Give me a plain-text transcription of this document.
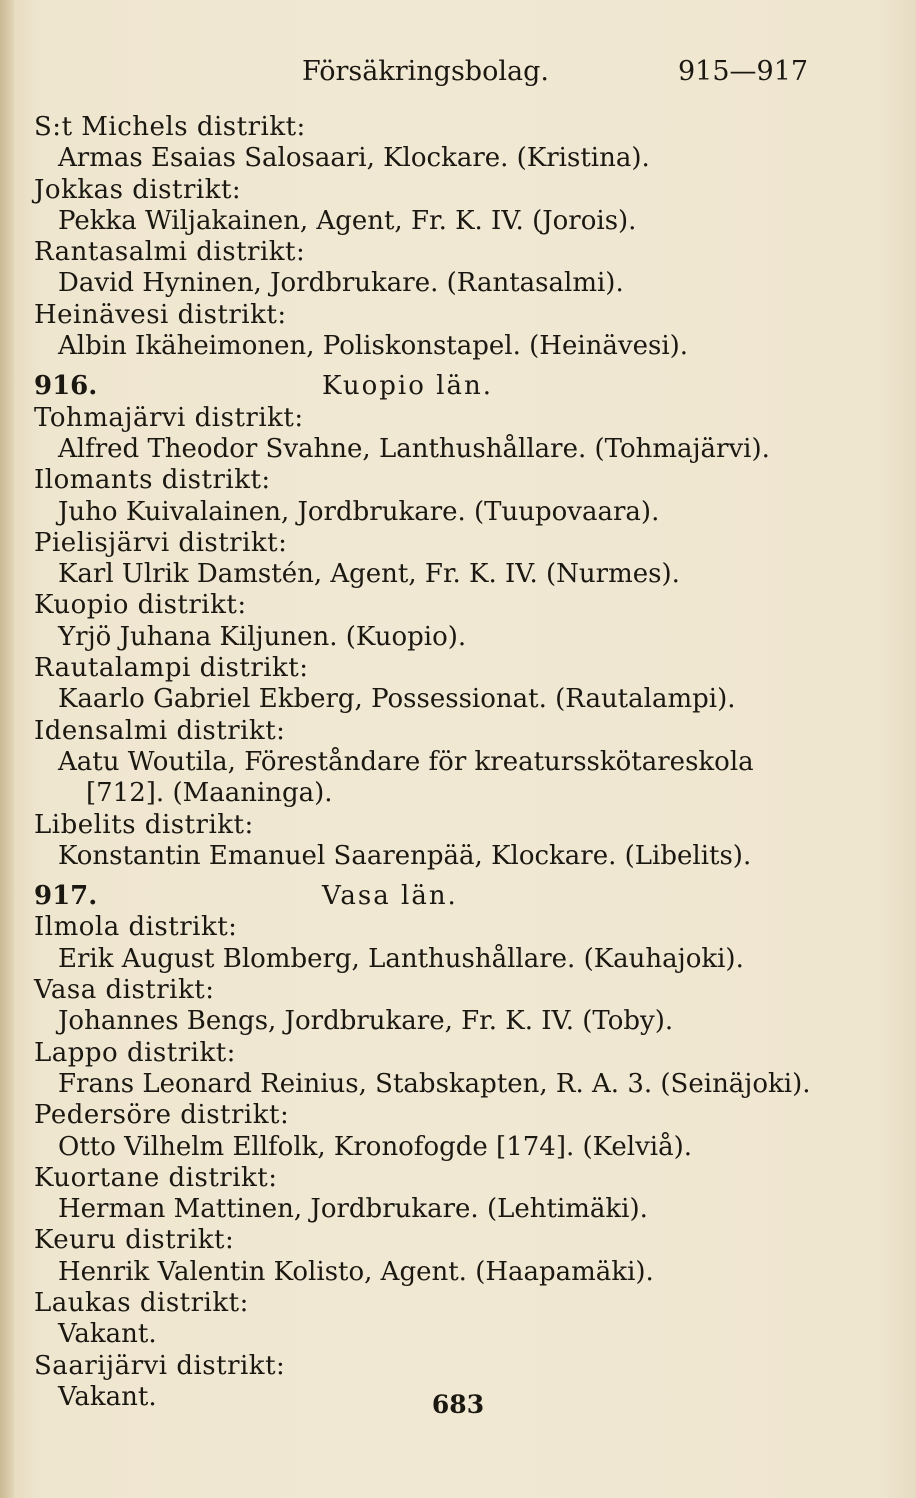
Försäkringsbolag.	915—917
S:t Michels distrikt:
Armas Esaias Salosaari, Klockare. (Kristina).
Jokkas distrikt:
Pekka Wiljakainen, Agent, Fr. K. IV. (Jorois).
Rantasalmi distrikt:
David Hyninen, Jordbrukare. (Rantasalmi).
Heinävesi distrikt:
Albin Ikäheimonen, Poliskonstapel. (Heinävesi).
916.	Kuopio län.
Tohmajärvi distrikt:
Alfred Theodor Svahne, Lanthushållare. (Tohmajärvi).
Ilomants distrikt:
Juho Kuivalainen, Jordbrukare. (Tuupovaara).
Pielisjärvi distrikt:
Karl Ulrik Damstén, Agent, Fr. K. IV. (Nurmes).
Kuopio distrikt:
Yrjö Juhana Kiljunen. (Kuopio).
Rautalampi distrikt:
Kaarlo Gabriel Ekberg, Possessionat. (Rautalampi).
Idensalmi distrikt:
Aatu Woutila, Föreståndare för kreatursskötareskola
[712]. (Maaninga).
Libelits distrikt:
Konstantin Emanuel Saarenpää, Klockare. (Libelits).
917.	Vasa län.
Ilmola distrikt:
Erik August Blomberg, Lanthushållare. (Kauhajoki).
Vasa distrikt:
Johannes Bengs, Jordbrukare, Fr. K. IV. (Toby).
Lappo distrikt:
Frans Leonard Reinius, Stabskapten, R. A. 3. (Seinäjoki).
Pedersöre distrikt:
Otto Vilhelm Ellfolk, Kronofogde [174]. (Kelviå).
Kuortane distrikt:
Herman Mattinen, Jordbrukare. (Lehtimäki).
Keuru distrikt:
Henrik Valentin Kolisto, Agent. (Haapamäki).
Laukas distrikt:
Vakant.
Saarijärvi distrikt:
Vakant.	683
